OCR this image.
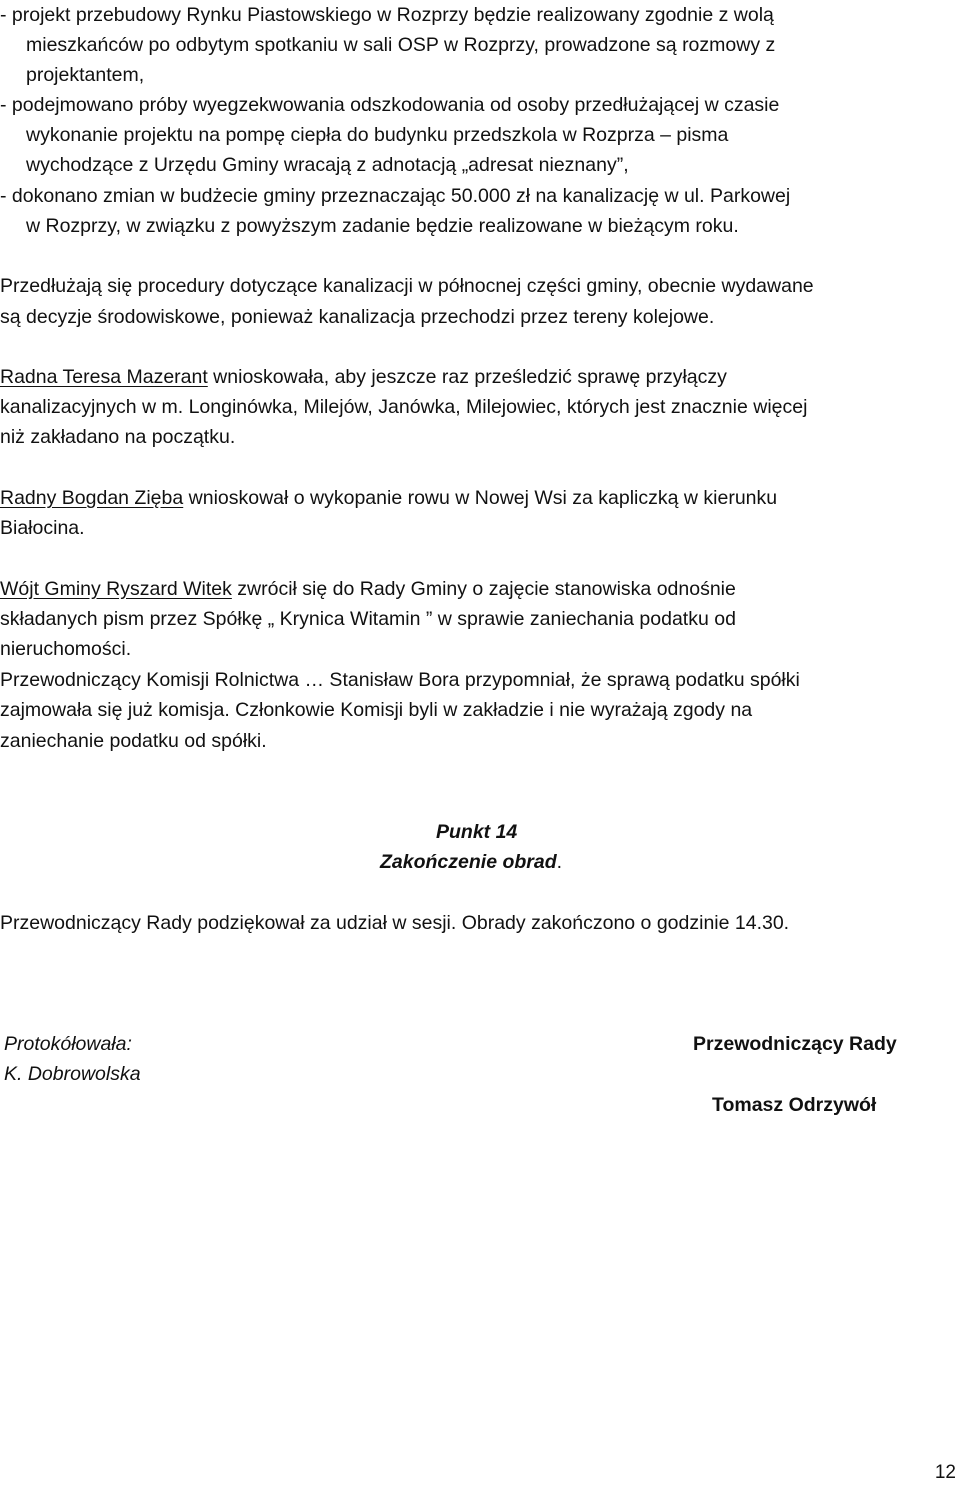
- projekt przebudowy Rynku Piastowskiego w Rozprzy będzie realizowany zgodnie z wolą
mieszkańców po odbytym spotkaniu w sali OSP w Rozprzy, prowadzone są rozmowy z
projektantem,
- podejmowano próby wyegzekwowania odszkodowania od osoby przedłużającej w czasie
wykonanie projektu na pompę ciepła do budynku przedszkola w Rozprza – pisma
wychodzące z Urzędu Gminy wracają z adnotacją „adresat nieznany”,
- dokonano zmian w budżecie gminy przeznaczając 50.000 zł na kanalizację w ul. Parkowej
w Rozprzy, w związku z powyższym zadanie będzie realizowane w bieżącym roku.
Przedłużają się procedury dotyczące kanalizacji w północnej części gminy, obecnie wydawane
są decyzje środowiskowe, ponieważ kanalizacja przechodzi przez tereny kolejowe.
Radna Teresa Mazerant wnioskowała, aby jeszcze raz prześledzić sprawę przyłączy
kanalizacyjnych w m. Longinówka, Milejów, Janówka, Milejowiec, których jest znacznie więcej
niż zakładano na początku.
Radny Bogdan Zięba wnioskował o wykopanie rowu w Nowej Wsi za kapliczką w kierunku
Białocina.
Wójt Gminy Ryszard Witek zwrócił się do Rady Gminy o zajęcie stanowiska odnośnie
składanych pism przez Spółkę „ Krynica Witamin ” w sprawie zaniechania podatku od
nieruchomości.
Przewodniczący Komisji Rolnictwa … Stanisław Bora przypomniał, że sprawą podatku spółki
zajmowała się już komisja. Członkowie Komisji byli w zakładzie i nie wyrażają zgody na
zaniechanie podatku od spółki.
Punkt 14
Zakończenie obrad.
Przewodniczący Rady podziękował za udział w sesji. Obrady zakończono o godzinie 14.30.
Protokółowała:
K. Dobrowolska
Przewodniczący Rady
Tomasz Odrzywół
12
